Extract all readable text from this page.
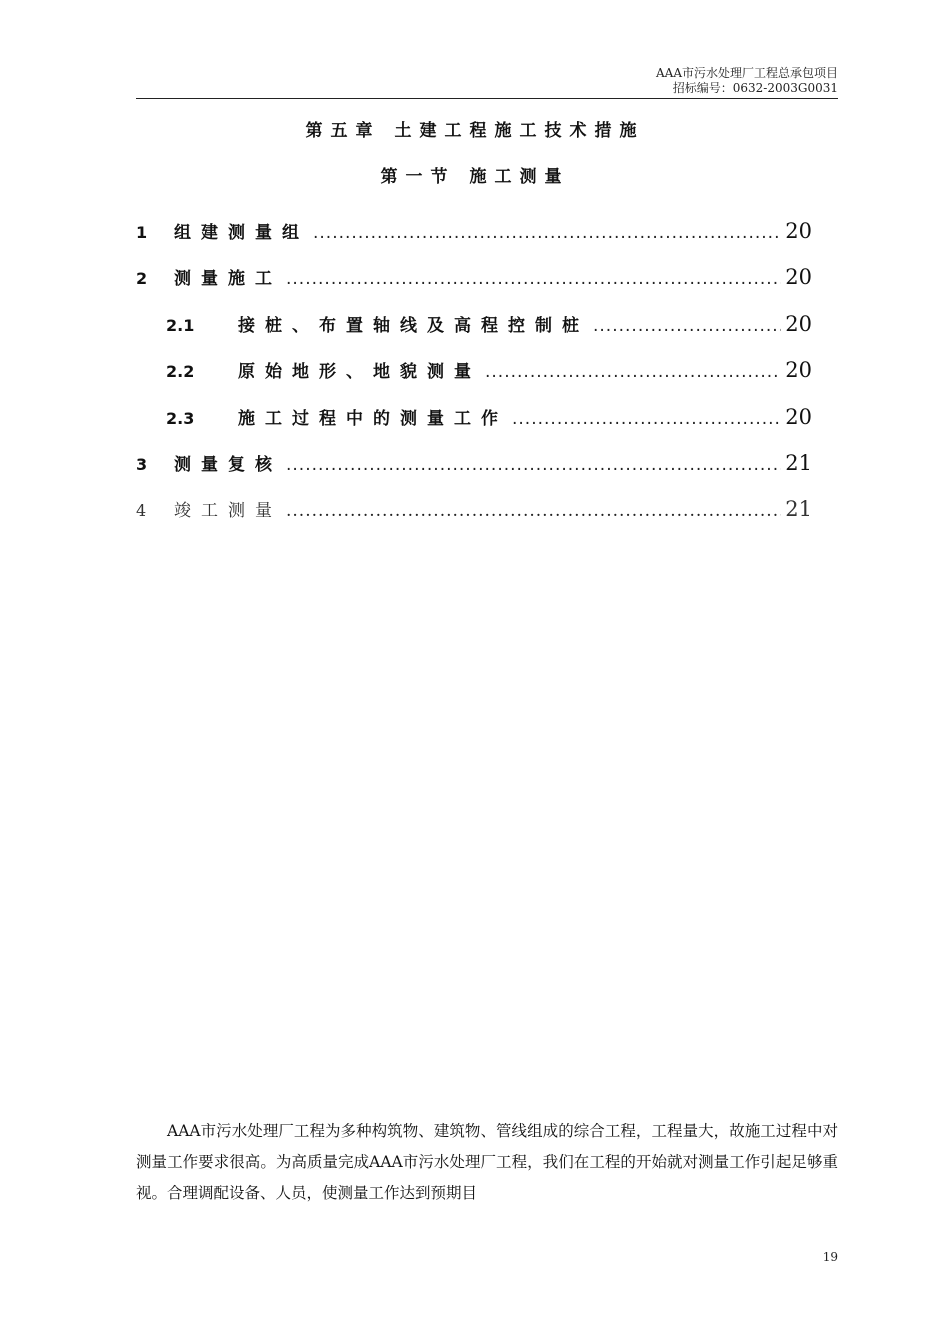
AAA市污水处理厂工程总承包项目
招标编号：0632-2003G0031
第五章 土建工程施工技术措施
第一节 施工测量
1	组建测量组 .....	20
2	测量施工 .....	20
2.1	接桩、布置轴线及高程控制桩 .....	20
2.2	原始地形、地貌测量 .....	20
2.3	施工过程中的测量工作 .....	20
3	测量复核 .....	21
4	竣工测量 .....	21

AAA市污水处理厂工程为多种构筑物、建筑物、管线组成的综合工程，工程量大，故施工过程中对测量工作要求很高。为高质量完成AAA市污水处理厂工程，我们在工程的开始就对测量工作引起足够重视。合理调配设备、人员，使测量工作达到预期目

19
